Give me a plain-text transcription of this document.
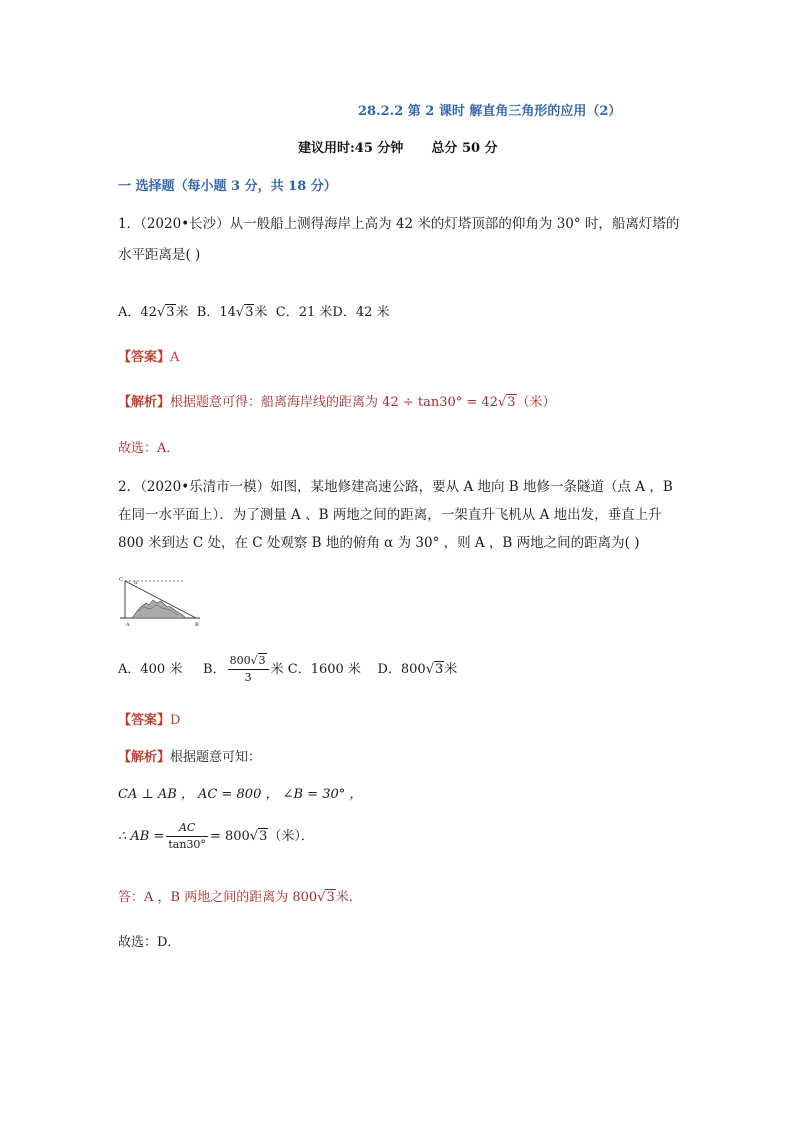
28.2.2 第 2 课时 解直角三角形的应用（2）
建议用时:45 分钟 总分 50 分
一 选择题（每小题 3 分，共 18 分）
1．（2020•长沙）从一般船上测得海岸上高为 42 米的灯塔顶部的仰角为 30° 时，船离灯塔的
水平距离是( )
A．42√3米 B．14√3米 C．21 米D．42 米
【答案】A
【解析】根据题意可得：船离海岸线的距离为 42 ÷ tan30° = 42√3（米）
故选：A．
2．（2020•乐清市一模）如图，某地修建高速公路，要从 A 地向 B 地修一条隧道（点 A ，B
在同一水平面上）．为了测量 A 、B 两地之间的距离，一架直升飞机从 A 地出发，垂直上升
800 米到达 C 处，在 C 处观察 B 地的俯角 α 为 30° ，则 A ，B 两地之间的距离为( )
C α
A	B
A．400 米 B． $\frac{800√3}{3}$ 米 C．1600 米 D．800√3米
【答案】D
【解析】根据题意可知：
CA ⊥ AB ， AC = 800 ， ∠B = 30° ，
∴ AB = $\frac{AC}{\tan 30^\circ} = 800√3$（米）．
答：A ，B 两地之间的距离为 800√3米．
故选：D．
